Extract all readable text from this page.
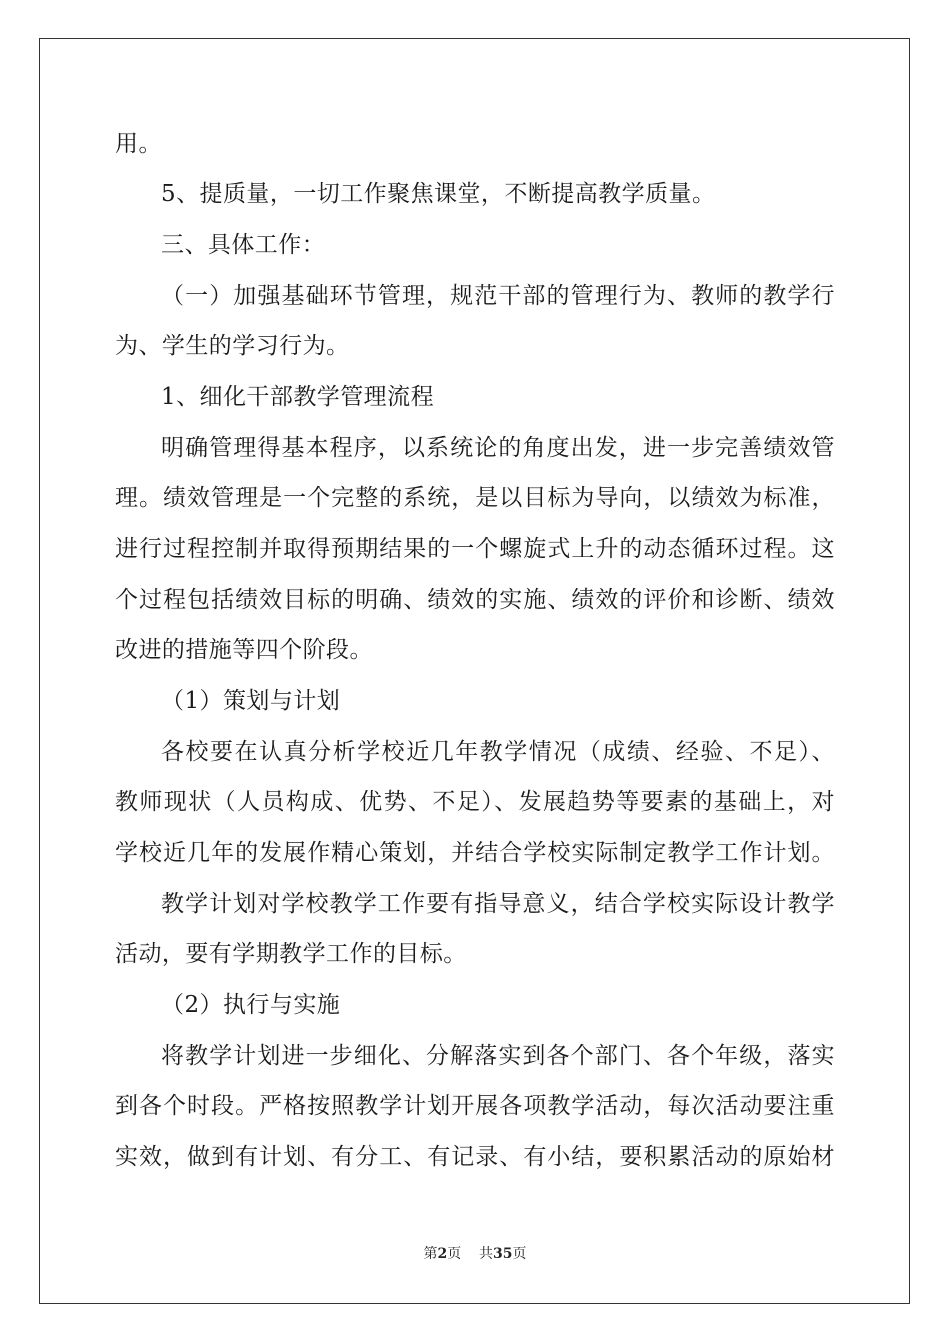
用。
5、提质量，一切工作聚焦课堂，不断提高教学质量。
三、具体工作：
（一）加强基础环节管理，规范干部的管理行为、教师的教学行
为、学生的学习行为。
1、细化干部教学管理流程
明确管理得基本程序，以系统论的角度出发，进一步完善绩效管
理。绩效管理是一个完整的系统，是以目标为导向，以绩效为标准，
进行过程控制并取得预期结果的一个螺旋式上升的动态循环过程。这
个过程包括绩效目标的明确、绩效的实施、绩效的评价和诊断、绩效
改进的措施等四个阶段。
（1）策划与计划
各校要在认真分析学校近几年教学情况（成绩、经验、不足）、
教师现状（人员构成、优势、不足）、发展趋势等要素的基础上，对
学校近几年的发展作精心策划，并结合学校实际制定教学工作计划。
教学计划对学校教学工作要有指导意义，结合学校实际设计教学
活动，要有学期教学工作的目标。
（2）执行与实施
将教学计划进一步细化、分解落实到各个部门、各个年级，落实
到各个时段。严格按照教学计划开展各项教学活动，每次活动要注重
实效，做到有计划、有分工、有记录、有小结，要积累活动的原始材
第2页 共35页
